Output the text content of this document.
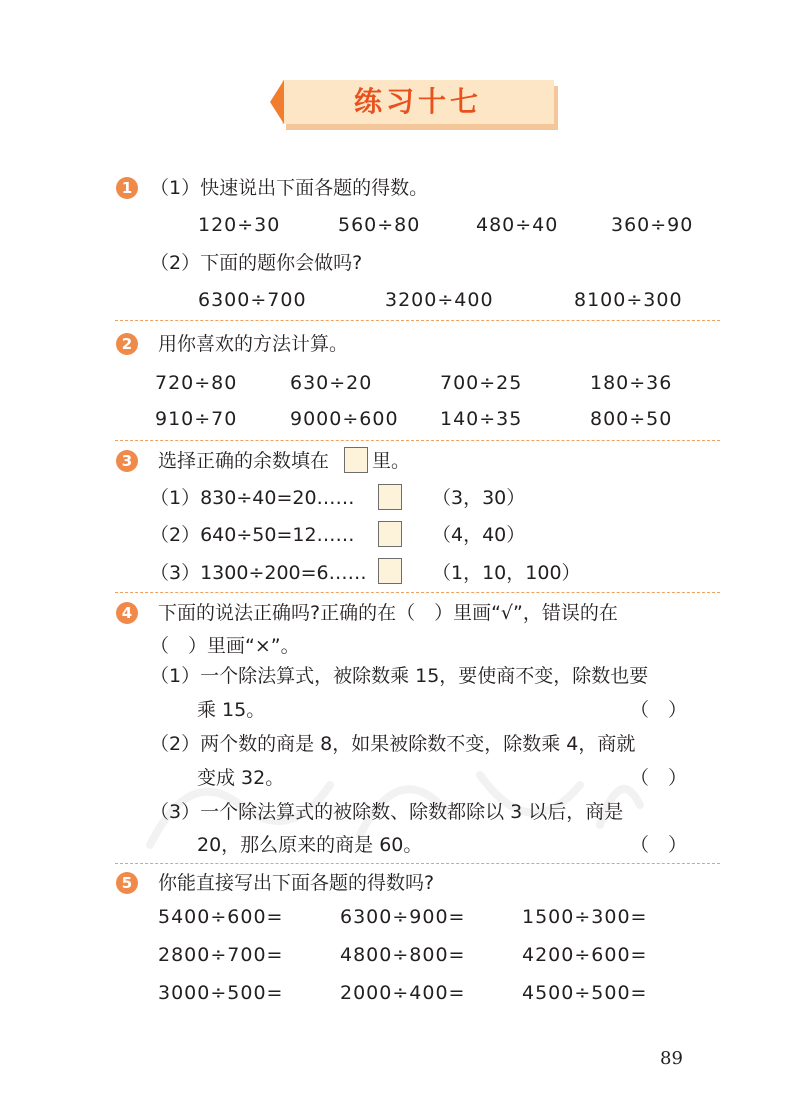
练习十七
1 （1）快速说出下面各题的得数。
120÷30	560÷80	480÷40	360÷90
（2）下面的题你会做吗?
6300÷700	3200÷400	8100÷300
2	用你喜欢的方法计算。
720÷80	630÷20	700÷25	180÷36
910÷70	9000÷600 140÷35	800÷50
3	选择正确的余数填在 里。
（1）830÷40=20……	（3，30）
（2）640÷50=12……	（4，40）
（3）1300÷200=6……	（1，10，100）
4	下面的说法正确吗?正确的在（　）里画“√”，错误的在
（　）里画“×”。
（1）一个除法算式，被除数乘 15，要使商不变，除数也要
乘 15。	（　）
（2）两个数的商是 8，如果被除数不变，除数乘 4，商就
变成 32。	（　）
（3）一个除法算式的被除数、除数都除以 3 以后，商是
20，那么原来的商是 60。	（　）
5	你能直接写出下面各题的得数吗?
5400÷600=	6300÷900=	1500÷300=
2800÷700=	4800÷800=	4200÷600=
3000÷500=	2000÷400=	4500÷500=
89
